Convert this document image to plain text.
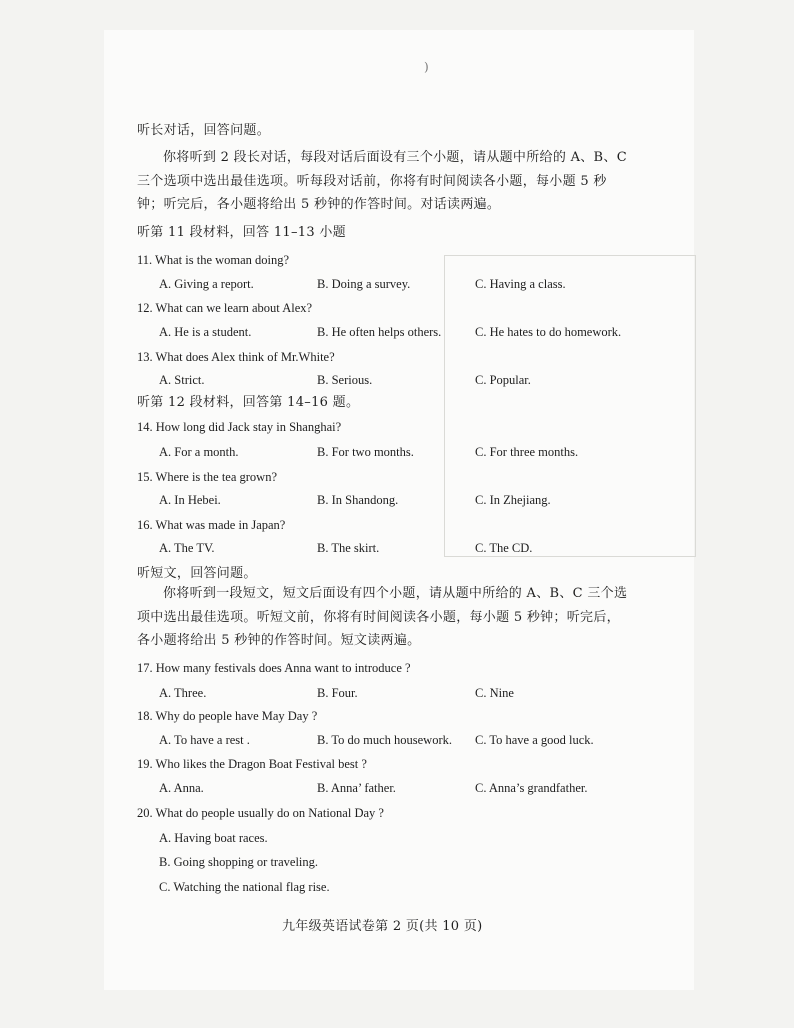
)
听长对话，回答问题。
你将听到 2 段长对话，每段对话后面设有三个小题，请从题中所给的 A、B、C 三个选项中选出最佳选项。听每段对话前，你将有时间阅读各小题，每小题 5 秒钟；听完后，各小题将给出 5 秒钟的作答时间。对话读两遍。
听第 11 段材料，回答 11–13 小题
11. What is the woman doing?
A. Giving a report.	B. Doing a survey.	C. Having a class.
12. What can we learn about Alex?
A. He is a student.	B. He often helps others.	C. He hates to do homework.
13. What does Alex think of Mr.White?
A. Strict.	B. Serious.	C. Popular.
听第 12 段材料，回答第 14–16 题。
14. How long did Jack stay in Shanghai?
A. For a month.	B. For two months.	C. For three months.
15. Where is the tea grown?
A. In Hebei.	B. In Shandong.	C. In Zhejiang.
16. What was made in Japan?
A. The TV.	B. The skirt.	C. The CD.
听短文，回答问题。
你将听到一段短文，短文后面设有四个小题，请从题中所给的 A、B、C 三个选项中选出最佳选项。听短文前，你将有时间阅读各小题，每小题 5 秒钟；听完后，各小题将给出 5 秒钟的作答时间。短文读两遍。
17. How many festivals does Anna want to introduce ?
A. Three.	B. Four.	C. Nine
18. Why do people have May Day ?
A. To have a rest .	B. To do much housework. C. To have a good luck.
19. Who likes the Dragon Boat Festival best ?
A. Anna.	B. Anna’ father.	C. Anna’s grandfather.
20. What do people usually do on National Day ?
A. Having boat races.
B. Going shopping or traveling.
C. Watching the national flag rise.
九年级英语试卷第 2 页(共 10 页)
